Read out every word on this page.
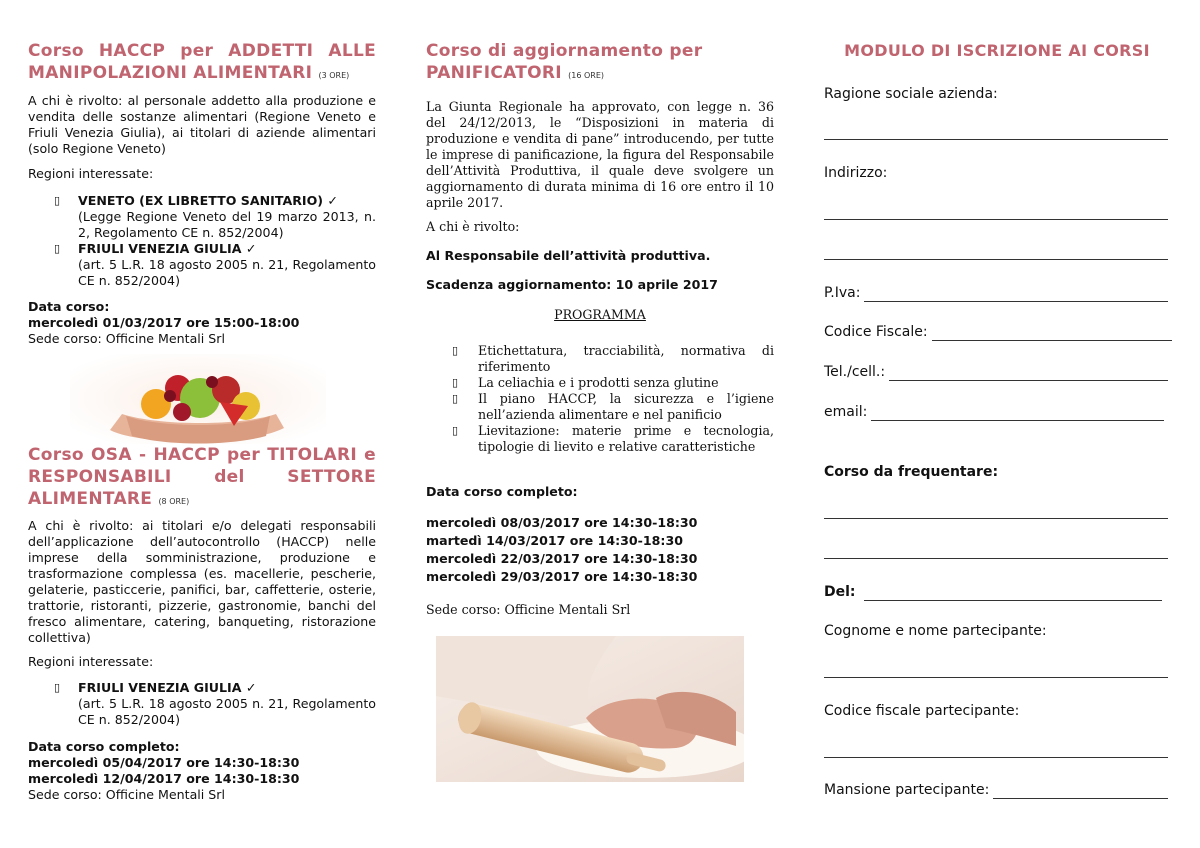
Corso HACCP per ADDETTI ALLE MANIPOLAZIONI ALIMENTARI (3 ORE)
A chi è rivolto: al personale addetto alla produzione e vendita delle sostanze alimentari (Regione Veneto e Friuli Venezia Giulia), ai titolari di aziende alimentari (solo Regione Veneto)
Regioni interessate:
▯ VENETO (EX LIBRETTO SANITARIO) ✓
(Legge Regione Veneto del 19 marzo 2013, n. 2, Regolamento CE n. 852/2004)
▯ FRIULI VENEZIA GIULIA ✓
(art. 5 L.R. 18 agosto 2005 n. 21, Regolamento CE n. 852/2004)
Data corso:
mercoledì 01/03/2017 ore 15:00-18:00
Sede corso: Officine Mentali Srl
Corso OSA - HACCP per TITOLARI e RESPONSABILI del SETTORE ALIMENTARE (8 ORE)
A chi è rivolto: ai titolari e/o delegati responsabili dell’applicazione dell’autocontrollo (HACCP) nelle imprese della somministrazione, produzione e trasformazione complessa (es. macellerie, pescherie, gelaterie, pasticcerie, panifici, bar, caffetterie, osterie, trattorie, ristoranti, pizzerie, gastronomie, banchi del fresco alimentare, catering, banqueting, ristorazione collettiva)
Regioni interessate:
▯ FRIULI VENEZIA GIULIA ✓
(art. 5 L.R. 18 agosto 2005 n. 21, Regolamento CE n. 852/2004)
Data corso completo:
mercoledì 05/04/2017 ore 14:30-18:30
mercoledì 12/04/2017 ore 14:30-18:30
Sede corso: Officine Mentali Srl
Corso di aggiornamento per PANIFICATORI (16 ORE)
La Giunta Regionale ha approvato, con legge n. 36 del 24/12/2013, le “Disposizioni in materia di produzione e vendita di pane” introducendo, per tutte le imprese di panificazione, la figura del Responsabile dell’Attività Produttiva, il quale deve svolgere un aggiornamento di durata minima di 16 ore entro il 10 aprile 2017.
A chi è rivolto:
Al Responsabile dell’attività produttiva.
Scadenza aggiornamento: 10 aprile 2017
PROGRAMMA
▯ Etichettatura, tracciabilità, normativa di riferimento
▯ La celiachia e i prodotti senza glutine
▯ Il piano HACCP, la sicurezza e l’igiene nell’azienda alimentare e nel panificio
▯ Lievitazione: materie prime e tecnologia, tipologie di lievito e relative caratteristiche
Data corso completo:
mercoledì 08/03/2017 ore 14:30-18:30
martedì 14/03/2017 ore 14:30-18:30
mercoledì 22/03/2017 ore 14:30-18:30
mercoledì 29/03/2017 ore 14:30-18:30
Sede corso: Officine Mentali Srl
MODULO DI ISCRIZIONE AI CORSI
Ragione sociale azienda:
Indirizzo:
P.Iva:
Codice Fiscale:
Tel./cell.:
email:
Corso da frequentare:
Del:
Cognome e nome partecipante:
Codice fiscale partecipante:
Mansione partecipante:
